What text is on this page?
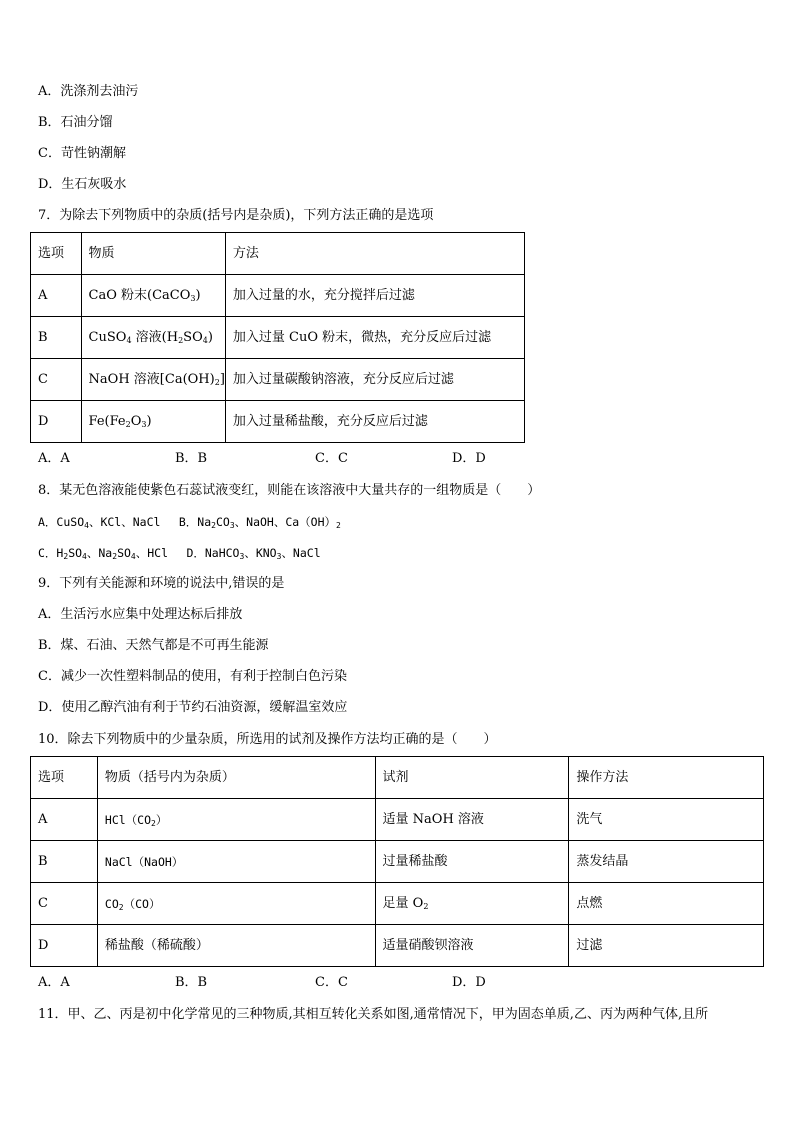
A．洗涤剂去油污
B．石油分馏
C．苛性钠潮解
D．生石灰吸水
7．为除去下列物质中的杂质(括号内是杂质)，下列方法正确的是选项
选项	物质	方法
A	CaO 粉末(CaCO$_3$)	加入过量的水，充分搅拌后过滤
B	CuSO$_4$ 溶液$(H_2SO_4)$	加入过量 CuO 粉末，微热，充分反应后过滤
C	NaOH 溶液$[Ca(OH)_2]$	加入过量碳酸钠溶液，充分反应后过滤
D	$Fe(Fe_2O_3)$	加入过量稀盐酸，充分反应后过滤
A．A	B．B	C．C	D．D
8．某无色溶液能使紫色石蕊试液变红，则能在该溶液中大量共存的一组物质是（　　）
A．CuSO$_4$、KCl、NaCl　 B．$Na_2CO_3$、NaOH、$Ca(OH)_2$
C．$H_2SO_4$、$Na_2SO_4$、HCl　 D．NaHCO$_3$、$KNO_3$、NaCl
9．下列有关能源和环境的说法中,错误的是
A．生活污水应集中处理达标后排放
B．煤、石油、天然气都是不可再生能源
C．减少一次性塑料制品的使用，有利于控制白色污染
D．使用乙醇汽油有利于节约石油资源，缓解温室效应
10．除去下列物质中的少量杂质，所选用的试剂及操作方法均正确的是（　　）
选项	物质（括号内为杂质）	试剂	操作方法
A	$HCl(CO_2)$	适量 NaOH 溶液	洗气
B	NaCl（NaOH）	过量稀盐酸	蒸发结晶
C	$CO_2(CO)$	足量 $O_2$	点燃
D	稀盐酸（稀硫酸）	适量硝酸钡溶液	过滤
A．A	B．B	C．C	D．D
11．甲、乙、丙是初中化学常见的三种物质,其相互转化关系如图,通常情况下，甲为固态单质,乙、丙为两种气体,且所
